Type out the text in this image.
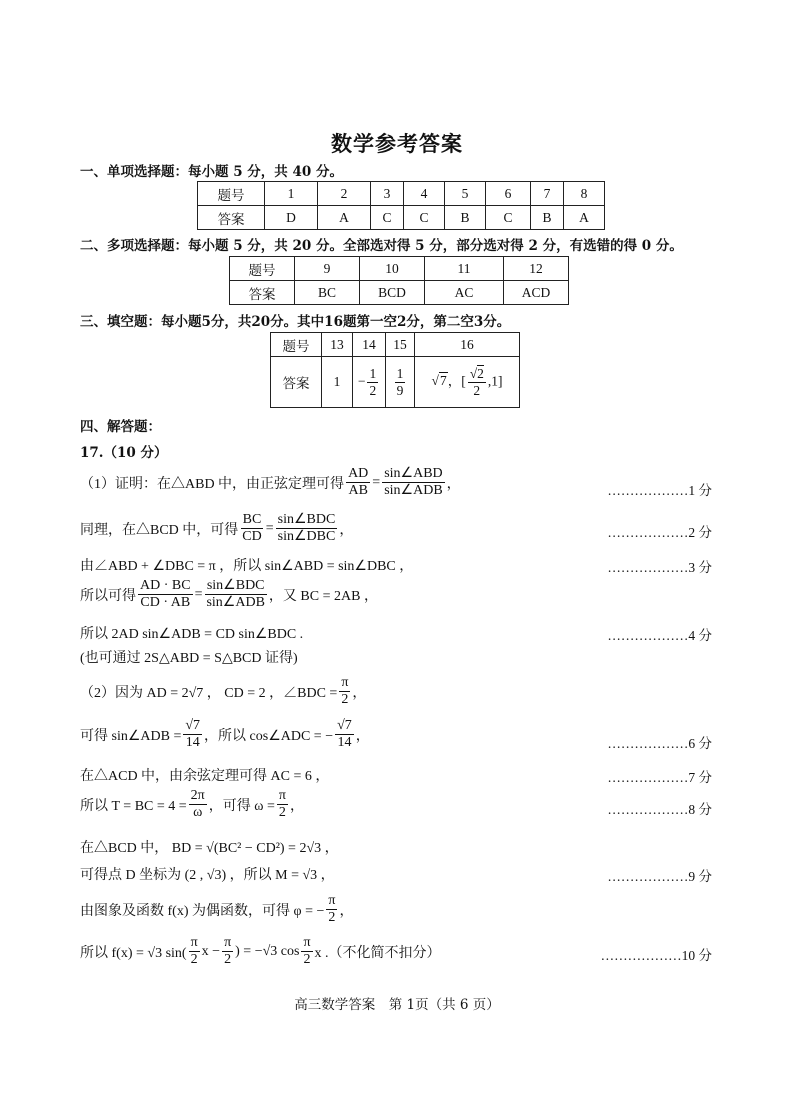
数学参考答案
一、单项选择题：每小题 5 分，共 40 分。
题号	1	2	3	4	5	6	7	8
答案	D	A	C	C	B	C	B	A
二、多项选择题：每小题 5 分，共 20 分。全部选对得 5 分，部分选对得 2 分，有选错的得 0 分。
题号	9	10	11	12
答案	BC	BCD	AC	ACD
三、填空题：每小题5分，共20分。其中16题第一空2分，第二空3分。
题号	13	14	15	16
答案	1	− $\frac{1}{2}$	$\frac{1}{9}$	√7，[ $\frac{√2}{2} ,1$]
四、解答题：
17.（10 分）
（1）证明：在△ABD 中，由正弦定理可得 $\frac{AD}{AB} = \frac{\text{sin∠ABD}}{\text{sin∠ADB}}$ ，	………………1 分
同理，在△BCD 中，可得 $\frac{BC}{CD} = \frac{\text{sin∠BDC}}{\text{sin∠DBC}}$ ，	………………2 分
由∠ABD + ∠DBC = π ，所以 sin∠ABD = sin∠DBC ，	………………3 分
所以可得 $\frac{AD \cdot BC}{CD \cdot AB} = \frac{\text{sin∠BDC}}{\text{sin∠ADB}}$ ，又 BC = 2AB ，
所以 2AD sin∠ADB = CD sin∠BDC .	………………4 分
(也可通过 2S△ABD = S△BCD 证得)
（2）因为 AD = 2√7 ， CD = 2 ，∠BDC = $\frac{\pi}{2}$ ，
可得 sin∠ADB = $\frac{√7}{14}$ ，所以 cos∠ADC = − $\frac{√7}{14}$ ，	………………6 分
在△ACD 中，由余弦定理可得 AC = 6 ，	………………7 分
所以 T = BC = $4 = \frac{2\pi}{\omega}$ ，可得 $\omega = \frac{\pi}{2}$ ，	………………8 分
在△BCD 中， BD = √(BC² − CD²) = 2√3 ，
可得点 D 坐标为 (2 , √3) ，所以 M = √3 ，	………………9 分
由图象及函数 f(x) 为偶函数，可得 φ = − $\frac{\pi}{2}$ ，
所以 f(x) = √3 $\sin( \frac{\pi}{2}$ $x - \frac{\pi}{2}$ ) = −√3 $\cos \frac{\pi}{2}$ x .（不化简不扣分）	………………10 分
高三数学答案　第 1页（共 6 页）
